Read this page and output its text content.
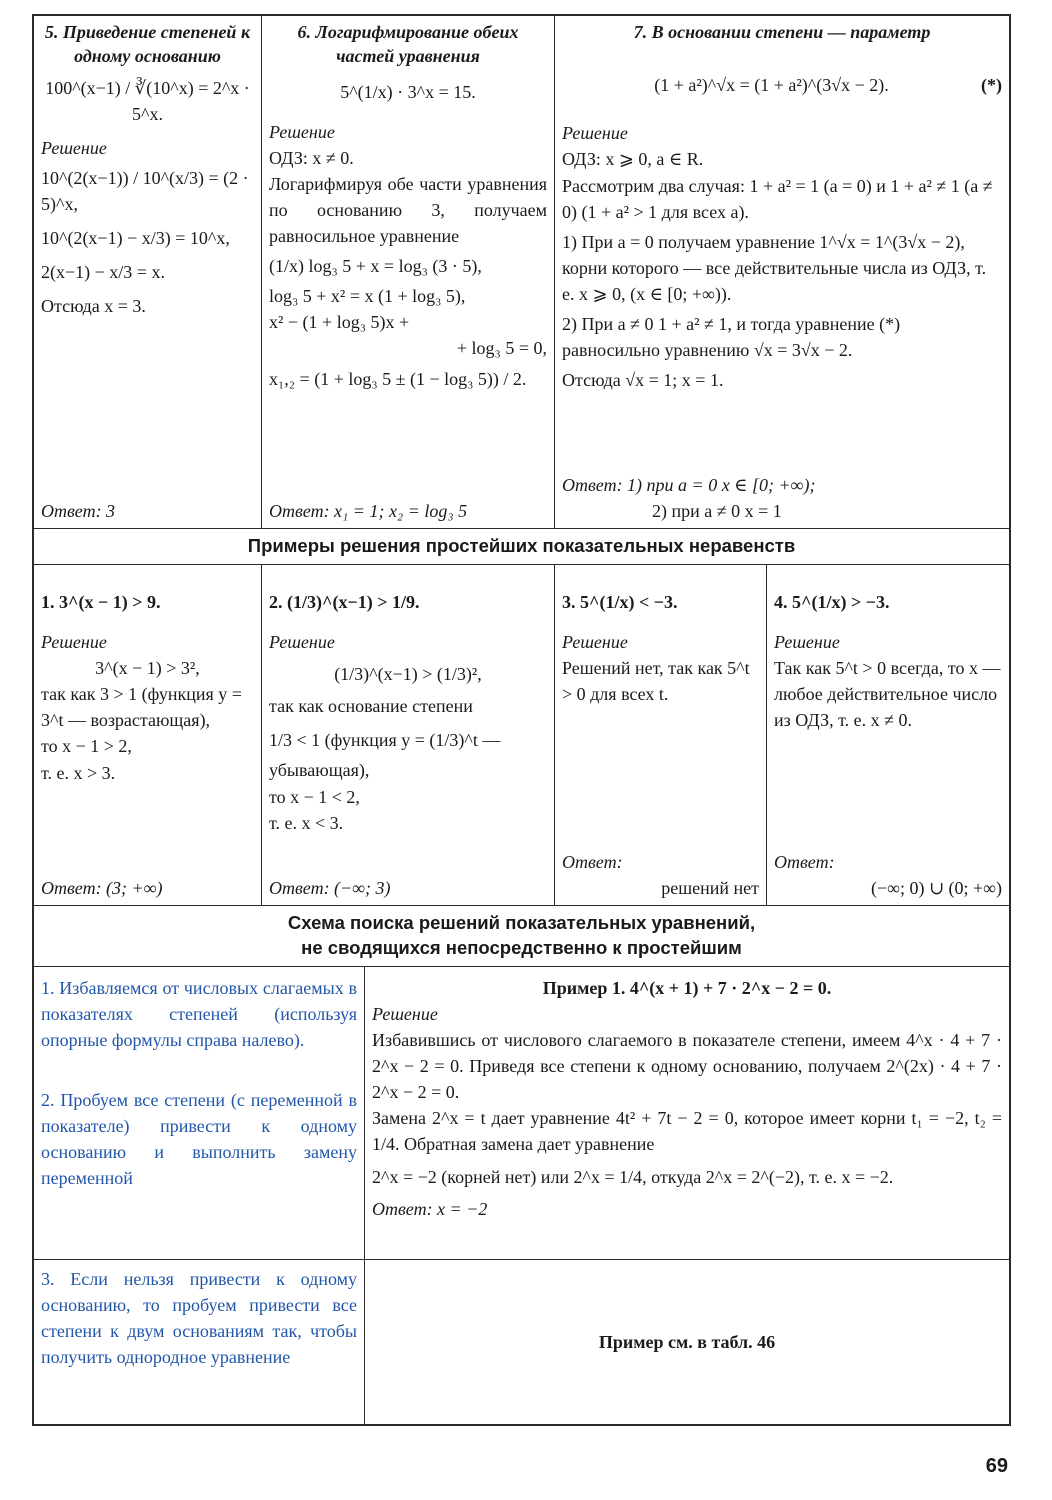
5. Приведение степеней к одному основанию
100^(x−1) / ∛(10^x) = 2^x · 5^x.
Решение
10^(2(x−1)) / 10^(x/3) = (2 · 5)^x,
10^(2(x−1) − x/3) = 10^x,
2(x−1) − x/3 = x.
Отсюда x = 3.
Ответ: 3
6. Логарифмирование обеих частей уравнения
5^(1/x) · 3^x = 15.
Решение
ОДЗ: x ≠ 0.
Логарифмируя обе части уравнения по основанию 3, получаем равносильное уравнение
(1/x) log₃ 5 + x = log₃ (3 · 5),
log₃ 5 + x² = x (1 + log₃ 5),
x² − (1 + log₃ 5)x +
+ log₃ 5 = 0,
x₁,₂ = (1 + log₃ 5 ± (1 − log₃ 5)) / 2.
Ответ: x₁ = 1; x₂ = log₃ 5
7. В основании степени — параметр
(1 + a²)^√x = (1 + a²)^(3√x − 2).	(*)
Решение
ОДЗ: x ⩾ 0, a ∈ R.
Рассмотрим два случая: 1 + a² = 1 (a = 0) и 1 + a² ≠ 1 (a ≠ 0) (1 + a² > 1 для всех a).
1) При a = 0 получаем уравнение 1^√x = 1^(3√x − 2), корни которого — все действительные числа из ОДЗ, т. е. x ⩾ 0, (x ∈ [0; +∞)).
2) При a ≠ 0 1 + a² ≠ 1, и тогда уравнение (*) равносильно уравнению √x = 3√x − 2.
Отсюда √x = 1; x = 1.
Ответ: 1) при a = 0 x ∈ [0; +∞);
2) при a ≠ 0 x = 1
Примеры решения простейших показательных неравенств
1. 3^(x − 1) > 9.
Решение
3^(x − 1) > 3²,
так как 3 > 1 (функция y = 3^t — возрастающая),
то x − 1 > 2,
т. е. x > 3.
Ответ: (3; +∞)
2. (1/3)^(x−1) > 1/9.
Решение
(1/3)^(x−1) > (1/3)²,
так как основание степени
1/3 < 1 (функция y = (1/3)^t —
убывающая),
то x − 1 < 2,
т. е. x < 3.
Ответ: (−∞; 3)
3. 5^(1/x) < −3.
Решение
Решений нет, так как 5^t > 0 для всех t.
Ответ:
решений нет
4. 5^(1/x) > −3.
Решение
Так как 5^t > 0 всегда, то x — любое действительное число из ОДЗ, т. е. x ≠ 0.
Ответ:
(−∞; 0) ∪ (0; +∞)
Схема поиска решений показательных уравнений,
не сводящихся непосредственно к простейшим
1. Избавляемся от числовых слагаемых в показателях степеней (используя опорные формулы справа налево).
2. Пробуем все степени (с переменной в показателе) привести к одному основанию и выполнить замену переменной
Пример 1. 4^(x + 1) + 7 · 2^x − 2 = 0.
Решение
Избавившись от числового слагаемого в показателе степени, имеем 4^x · 4 + 7 · 2^x − 2 = 0. Приведя все степени к одному основанию, получаем 2^(2x) · 4 + 7 · 2^x − 2 = 0.
Замена 2^x = t дает уравнение 4t² + 7t − 2 = 0, которое имеет корни t₁ = −2, t₂ = 1/4. Обратная замена дает уравнение
2^x = −2 (корней нет) или 2^x = 1/4, откуда 2^x = 2^(−2), т. е. x = −2.
Ответ: x = −2
3. Если нельзя привести к одному основанию, то пробуем привести все степени к двум основаниям так, чтобы получить однородное уравнение
Пример см. в табл. 46
69
